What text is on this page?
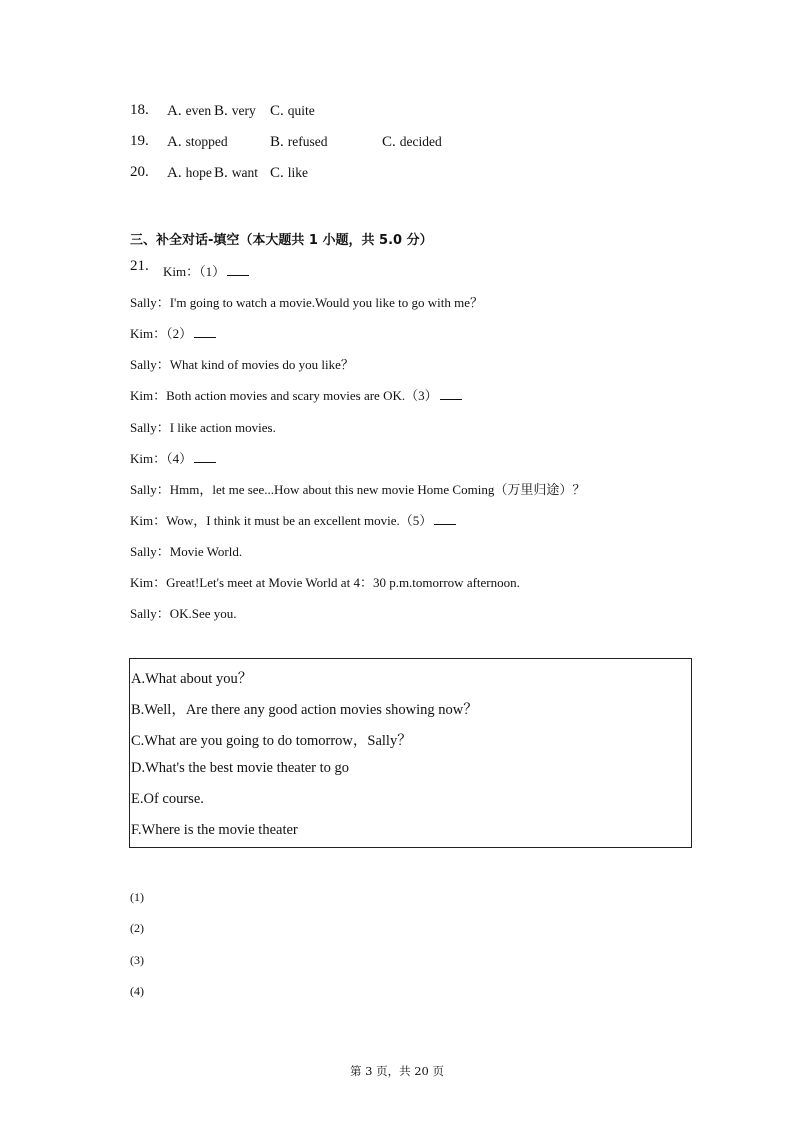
18. A. even B. very C. quite
19. A. stopped	B. refused	C. decided
20. A. hope B. want C. like
三、补全对话-填空（本大题共 1 小题，共 5.0 分）
21. Kim：（1）
Sally：I'm going to watch a movie.Would you like to go with me？
Kim：（2）
Sally：What kind of movies do you like？
Kim：Both action movies and scary movies are OK.（3）
Sally：I like action movies.
Kim：（4）
Sally：Hmm，let me see...How about this new movie Home Coming（万里归途）？
Kim：Wow，I think it must be an excellent movie.（5）
Sally：Movie World.
Kim：Great!Let's meet at Movie World at 4：30 p.m.tomorrow afternoon.
Sally：OK.See you.
A.What about you？
B.Well，Are there any good action movies showing now？
C.What are you going to do tomorrow，Sally？
D.What's the best movie theater to go
E.Of course.
F.Where is the movie theater
(1)
(2)
(3)
(4)
第 3 页，共 20 页
